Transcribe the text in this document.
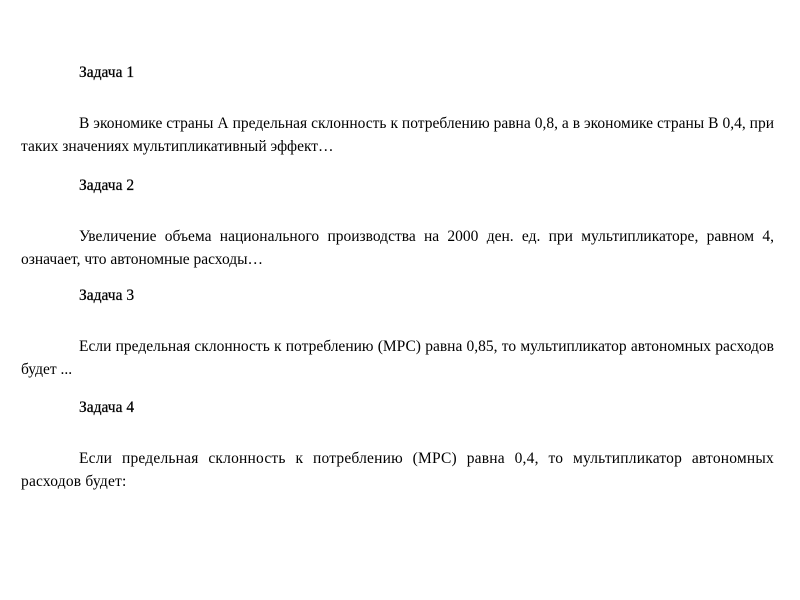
Задача 1

В экономике страны А предельная склонность к потреблению равна 0,8, а в экономике страны В 0,4, при таких значениях мультипликативный эффект…

Задача 2

Увеличение объема национального производства на 2000 ден. ед. при мультипликаторе, равном 4, означает, что автономные расходы…

Задача 3

Если предельная склонность к потреблению (МРС) равна 0,85, то мультипликатор автономных расходов будет ...

Задача 4

Если предельная склонность к потреблению (МРС) равна 0,4, то мультипликатор автономных расходов будет:
